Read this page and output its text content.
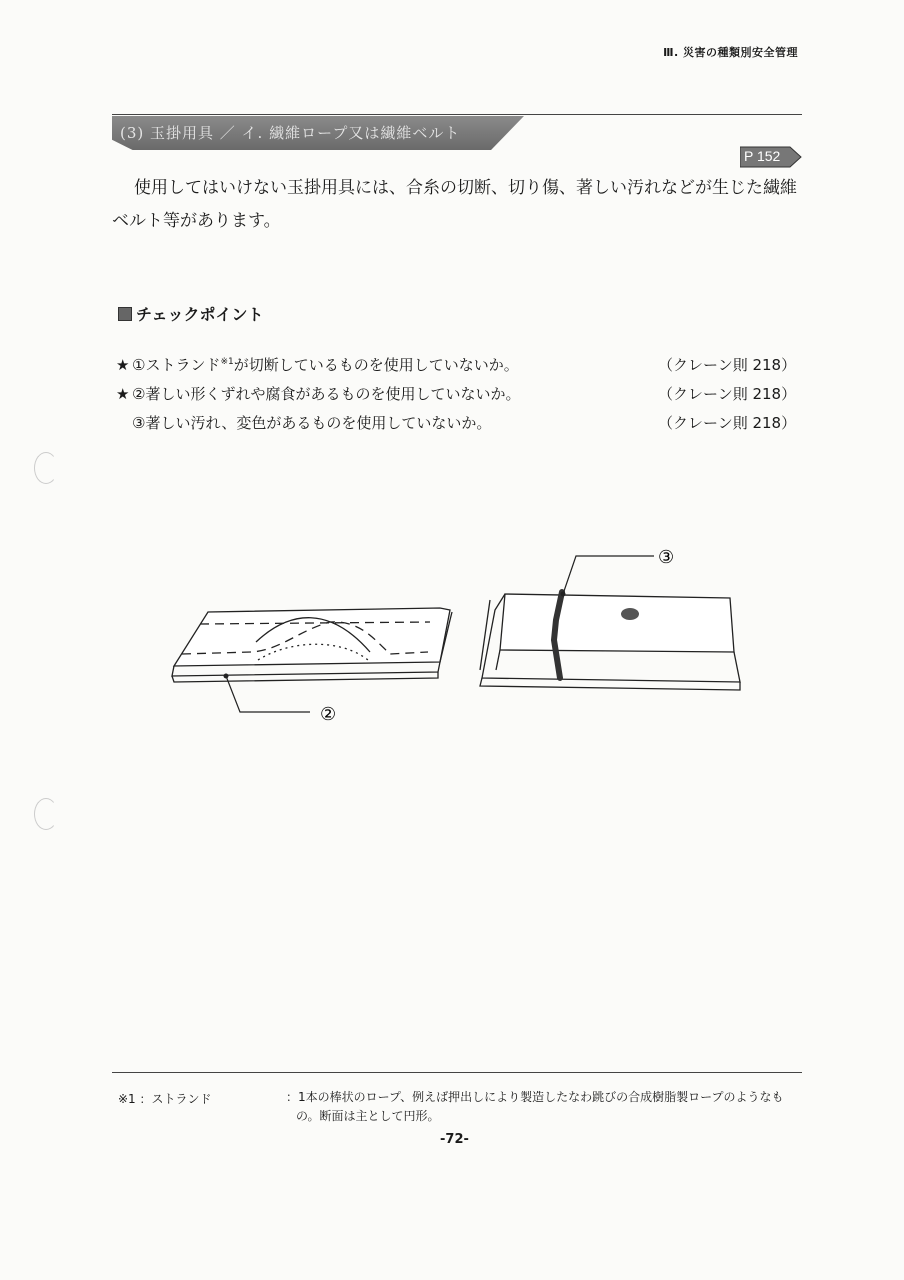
Ⅲ. 災害の種類別安全管理
(3) 玉掛用具 ／ イ. 繊維ロープ又は繊維ベルト
P 152

使用してはいけない玉掛用具には、合糸の切断、切り傷、著しい汚れなどが生じた繊維
ベルト等があります。

チェックポイント
★ ①ストランド$^{※1}$が切断しているものを使用していないか。	（クレーン則 218）
★ ②著しい形くずれや腐食があるものを使用していないか。	（クレーン則 218）
③著しい汚れ、変色があるものを使用していないか。	（クレーン則 218）
②
③
※1 ：ストランド	：1本の棒状のロープ、例えば押出しにより製造したなわ跳びの合成樹脂製ロープのようなも
の。断面は主として円形。
-72-
